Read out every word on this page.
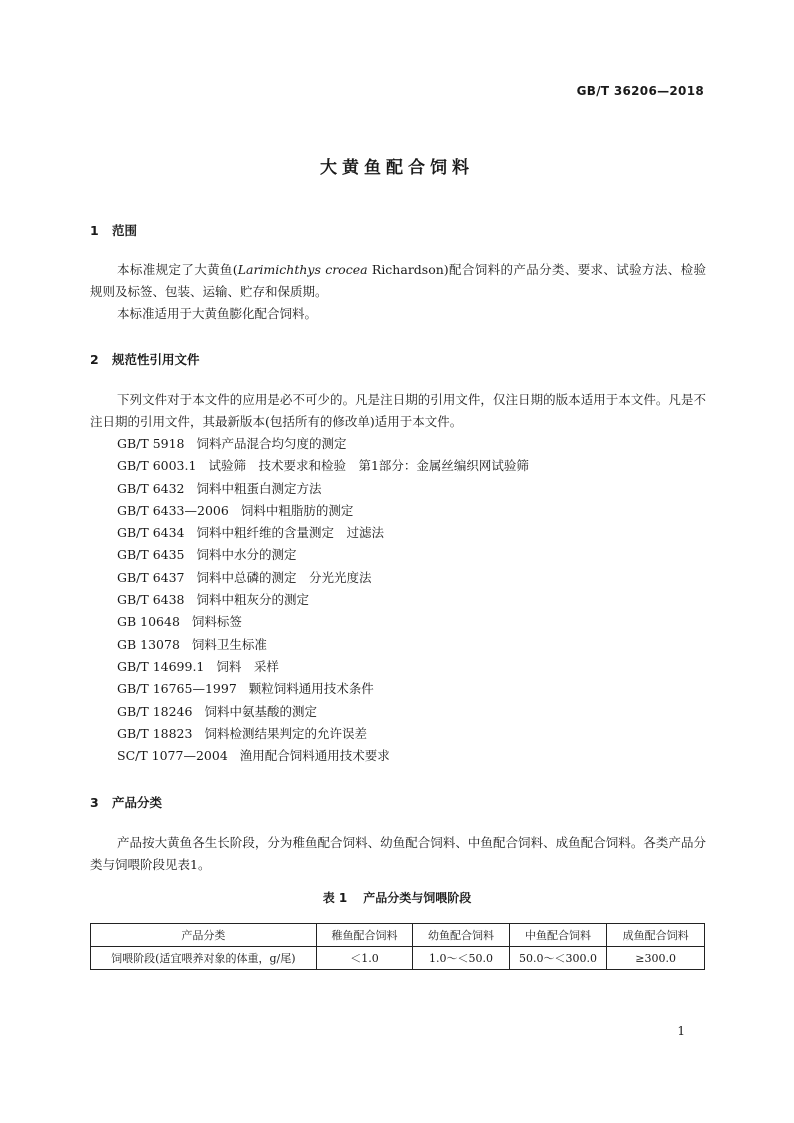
GB/T 36206—2018
大黄鱼配合饲料
1 范围

本标准规定了大黄鱼(Larimichthys crocea Richardson)配合饲料的产品分类、要求、试验方法、检验规则及标签、包装、运输、贮存和保质期。

本标准适用于大黄鱼膨化配合饲料。

2 规范性引用文件

下列文件对于本文件的应用是必不可少的。凡是注日期的引用文件，仅注日期的版本适用于本文件。凡是不注日期的引用文件，其最新版本(包括所有的修改单)适用于本文件。

GB/T 5918 饲料产品混合均匀度的测定
GB/T 6003.1 试验筛　技术要求和检验　第1部分：金属丝编织网试验筛
GB/T 6432 饲料中粗蛋白测定方法
GB/T 6433—2006 饲料中粗脂肪的测定
GB/T 6434 饲料中粗纤维的含量测定　过滤法
GB/T 6435 饲料中水分的测定
GB/T 6437 饲料中总磷的测定　分光光度法
GB/T 6438 饲料中粗灰分的测定
GB 10648 饲料标签
GB 13078 饲料卫生标准
GB/T 14699.1 饲料　采样
GB/T 16765—1997 颗粒饲料通用技术条件
GB/T 18246 饲料中氨基酸的测定
GB/T 18823 饲料检测结果判定的允许误差
SC/T 1077—2004 渔用配合饲料通用技术要求
3 产品分类

产品按大黄鱼各生长阶段，分为稚鱼配合饲料、幼鱼配合饲料、中鱼配合饲料、成鱼配合饲料。各类产品分类与饲喂阶段见表1。

表 1 产品分类与饲喂阶段
产品分类	稚鱼配合饲料	幼鱼配合饲料	中鱼配合饲料	成鱼配合饲料
饲喂阶段(适宜喂养对象的体重，g/尾)	＜1.0	1.0～＜50.0	50.0～＜300.0	≥300.0
1
